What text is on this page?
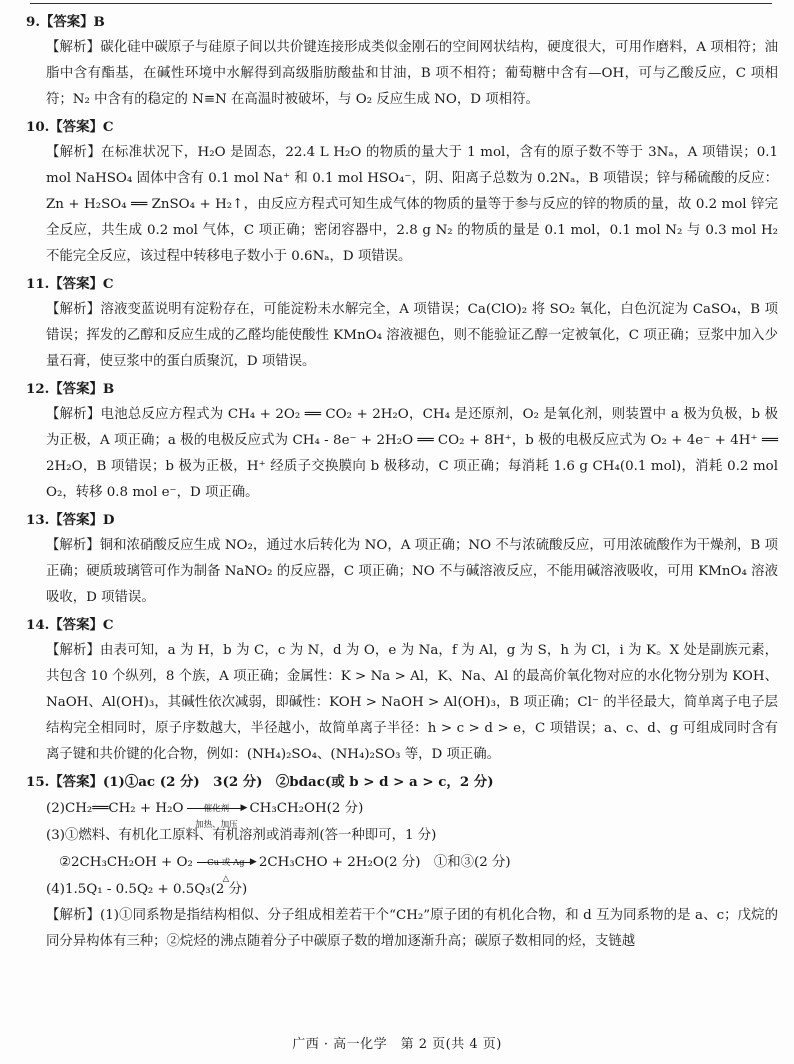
9.【答案】B
【解析】碳化硅中碳原子与硅原子间以共价键连接形成类似金刚石的空间网状结构，硬度很大，可用作磨料，A 项相符；油脂中含有酯基，在碱性环境中水解得到高级脂肪酸盐和甘油，B 项不相符；葡萄糖中含有—OH，可与乙酸反应，C 项相符；N₂ 中含有的稳定的 N≡N 在高温时被破坏，与 O₂ 反应生成 NO，D 项相符。
10.【答案】C
【解析】在标准状况下，H₂O 是固态，22.4 L H₂O 的物质的量大于 1 mol，含有的原子数不等于 3Nₐ，A 项错误；0.1 mol NaHSO₄ 固体中含有 0.1 mol Na⁺ 和 0.1 mol HSO₄⁻，阴、阳离子总数为 0.2Nₐ，B 项错误；锌与稀硫酸的反应：Zn + H₂SO₄ ══ ZnSO₄ + H₂↑，由反应方程式可知生成气体的物质的量等于参与反应的锌的物质的量，故 0.2 mol 锌完全反应，共生成 0.2 mol 气体，C 项正确；密闭容器中，2.8 g N₂ 的物质的量是 0.1 mol，0.1 mol N₂ 与 0.3 mol H₂ 不能完全反应，该过程中转移电子数小于 0.6Nₐ，D 项错误。
11.【答案】C
【解析】溶液变蓝说明有淀粉存在，可能淀粉未水解完全，A 项错误；Ca(ClO)₂ 将 SO₂ 氧化，白色沉淀为 CaSO₄，B 项错误；挥发的乙醇和反应生成的乙醛均能使酸性 KMnO₄ 溶液褪色，则不能验证乙醇一定被氧化，C 项正确；豆浆中加入少量石膏，使豆浆中的蛋白质聚沉，D 项错误。
12.【答案】B
【解析】电池总反应方程式为 CH₄ + 2O₂ ══ CO₂ + 2H₂O，CH₄ 是还原剂，O₂ 是氧化剂，则装置中 a 极为负极，b 极为正极，A 项正确；a 极的电极反应式为 CH₄ - 8e⁻ + 2H₂O ══ CO₂ + 8H⁺，b 极的电极反应式为 O₂ + 4e⁻ + 4H⁺ ══ 2H₂O，B 项错误；b 极为正极，H⁺ 经质子交换膜向 b 极移动，C 项正确；每消耗 1.6 g CH₄(0.1 mol)，消耗 0.2 mol O₂，转移 0.8 mol e⁻，D 项正确。
13.【答案】D
【解析】铜和浓硝酸反应生成 NO₂，通过水后转化为 NO，A 项正确；NO 不与浓硫酸反应，可用浓硫酸作为干燥剂，B 项正确；硬质玻璃管可作为制备 NaNO₂ 的反应器，C 项正确；NO 不与碱溶液反应，不能用碱溶液吸收，可用 KMnO₄ 溶液吸收，D 项错误。
14.【答案】C
【解析】由表可知，a 为 H，b 为 C，c 为 N，d 为 O，e 为 Na，f 为 Al，g 为 S，h 为 Cl，i 为 K。X 处是副族元素，共包含 10 个纵列，8 个族，A 项正确；金属性：K > Na > Al，K、Na、Al 的最高价氧化物对应的水化物分别为 KOH、NaOH、Al(OH)₃，其碱性依次减弱，即碱性：KOH > NaOH > Al(OH)₃，B 项正确；Cl⁻ 的半径最大，简单离子电子层结构完全相同时，原子序数越大，半径越小，故简单离子半径：h > c > d > e，C 项错误；a、c、d、g 可组成同时含有离子键和共价键的化合物，例如：(NH₄)₂SO₄、(NH₄)₂SO₃ 等，D 项正确。
15.【答案】(1)①ac (2 分)　3(2 分)　②bdac(或 b > d > a > c，2 分)
(2)CH₂══CH₂ + H₂O	催化剂	▶
加热、加压
CH₃CH₂OH(2 分)
(3)①燃料、有机化工原料、有机溶剂或消毒剂(答一种即可，1 分)
②2CH₃CH₂OH + O₂	Cu 或 Ag ▶
△
2CH₃CHO + 2H₂O(2 分)　①和③(2 分)
(4)1.5Q₁ - 0.5Q₂ + 0.5Q₃(2 分)
【解析】(1)①同系物是指结构相似、分子组成相差若干个“CH₂”原子团的有机化合物，和 d 互为同系物的是 a、c；戊烷的同分异构体有三种；②烷烃的沸点随着分子中碳原子数的增加逐渐升高；碳原子数相同的烃，支链越
广西 · 高一化学　第 2 页(共 4 页)
